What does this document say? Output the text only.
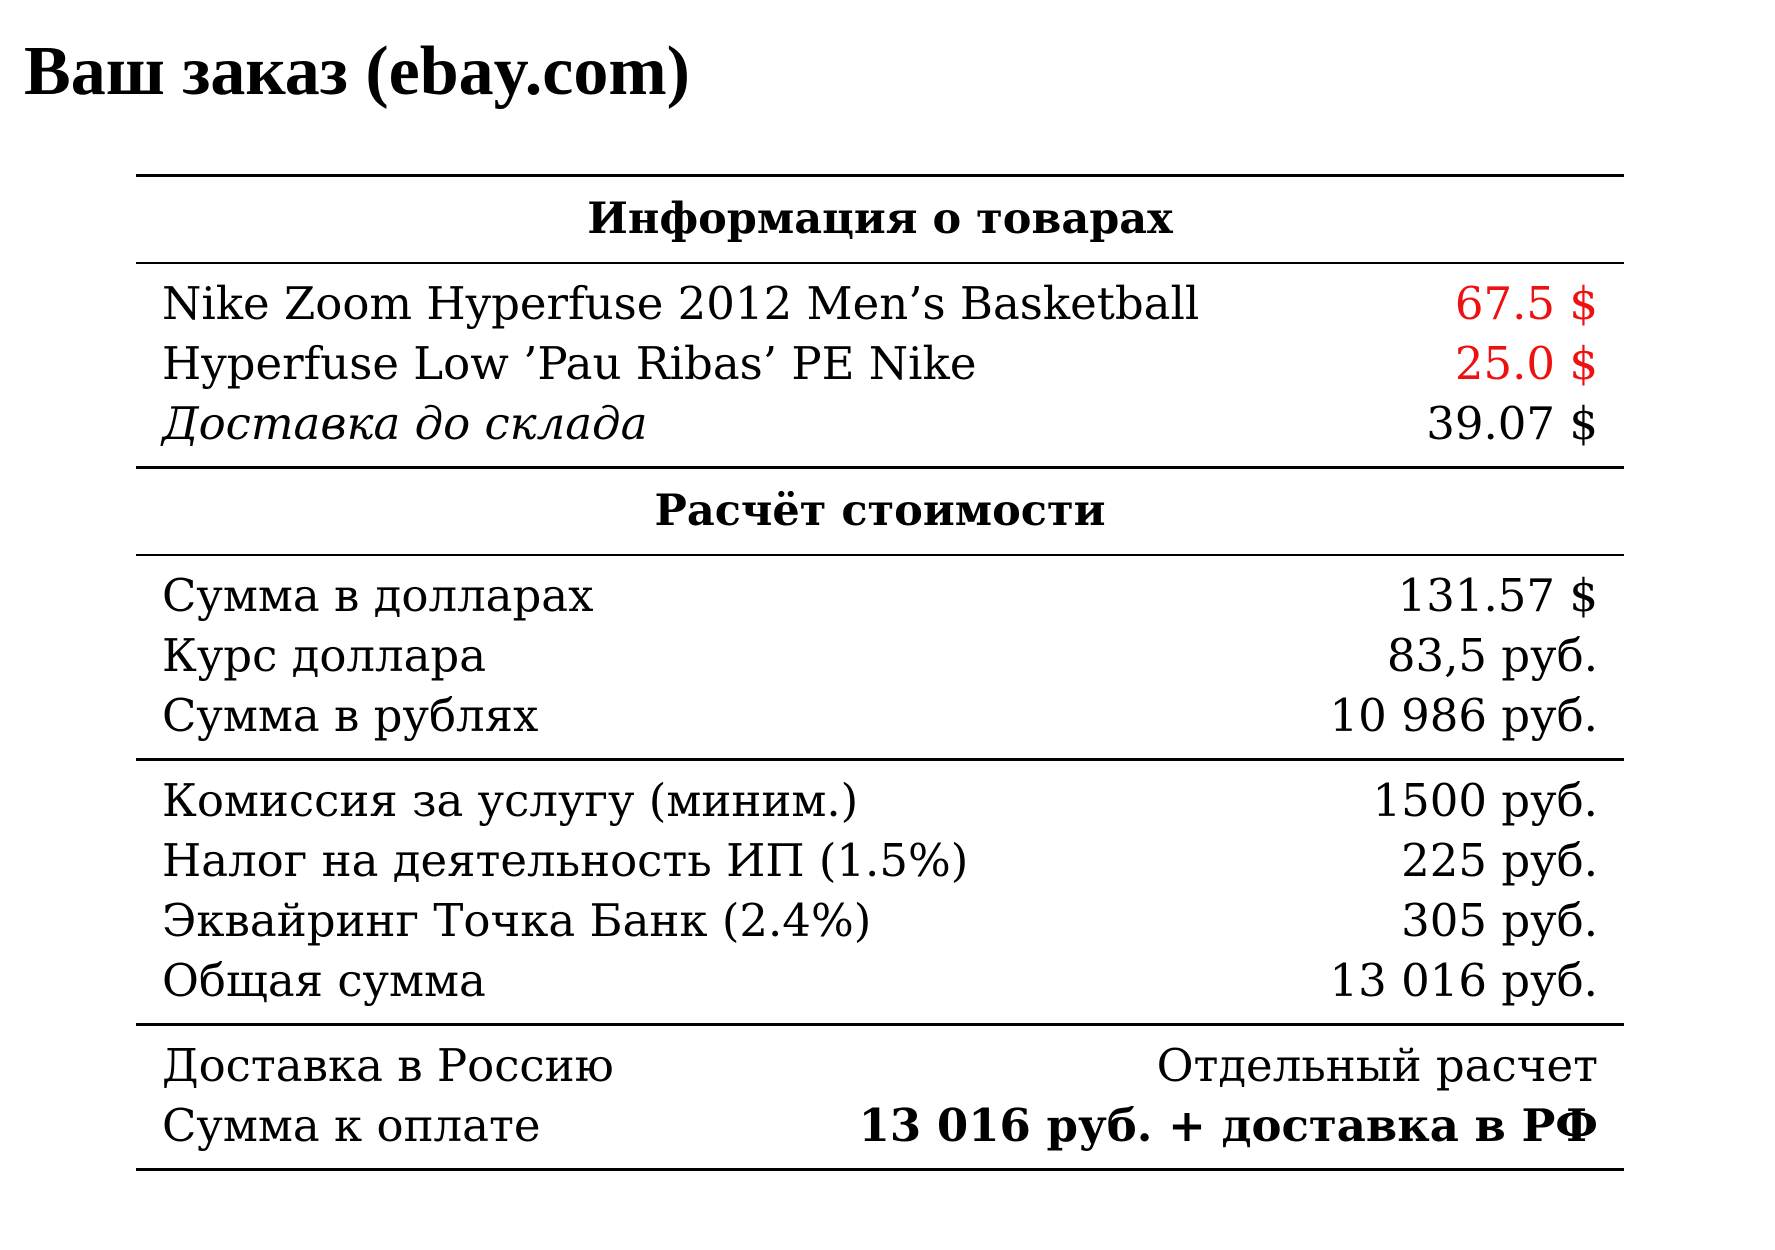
Ваш заказ (ebay.com)
Информация о товарах
Nike Zoom Hyperfuse 2012 Men’s Basketball	67.5 $
Hyperfuse Low ’Pau Ribas’ PE Nike	25.0 $
Доставка до склада	39.07 $
Расчёт стоимости
Сумма в долларах	131.57 $
Курс доллара	83,5 руб.
Сумма в рублях	10 986 руб.
Комиссия за услугу (миним.)	1500 руб.
Налог на деятельность ИП (1.5%)	225 руб.
Эквайринг Точка Банк (2.4%)	305 руб.
Общая сумма	13 016 руб.
Доставка в Россию	Отдельный расчет
Сумма к оплате	13 016 руб. + доставка в РФ
